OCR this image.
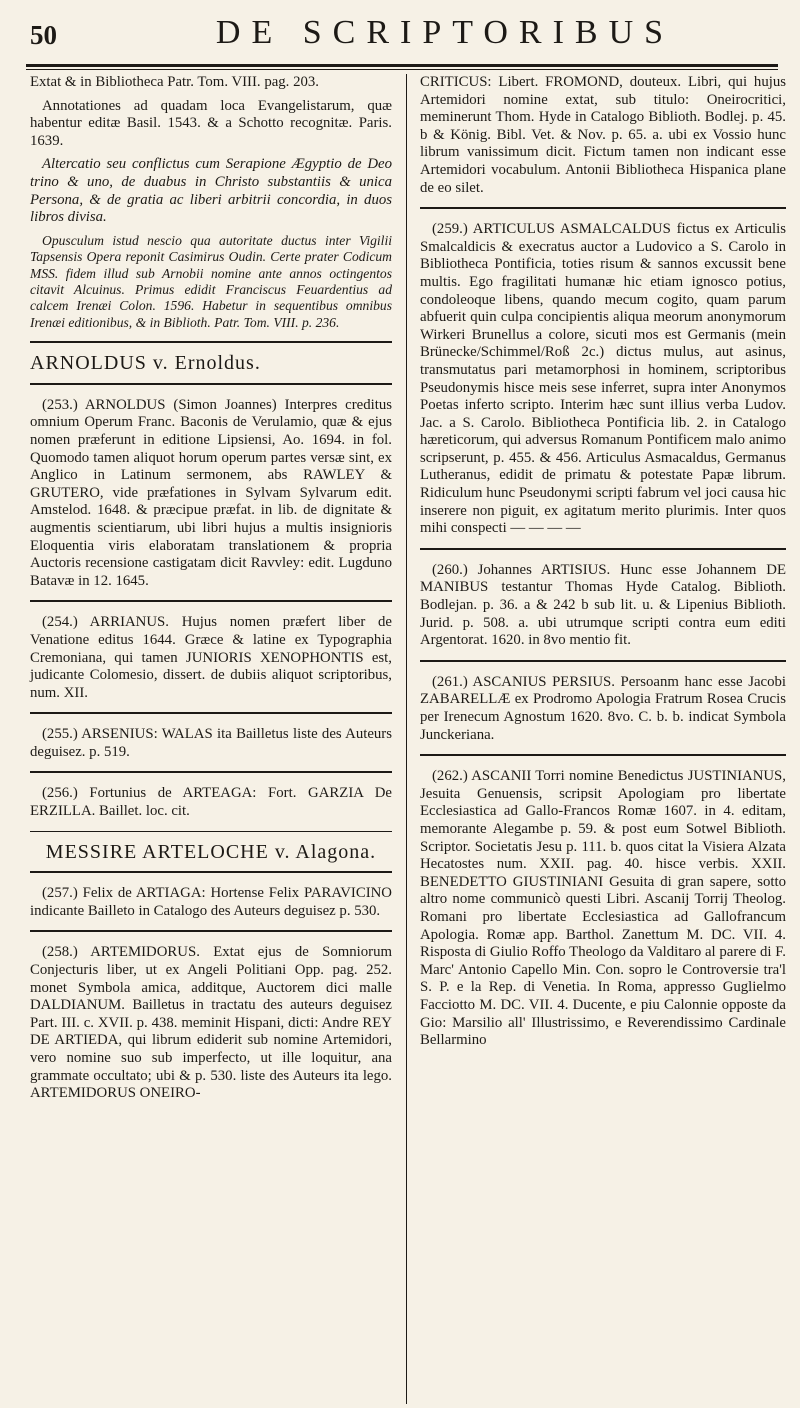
50	DE SCRIPTORIBUS

Extat & in Bibliotheca Patr. Tom. VIII. pag. 203.

Annotationes ad quadam loca Evangelistarum, quæ habentur editæ Basil. 1543. & a Schotto recognitæ. Paris. 1639.

Altercatio seu conflictus cum Serapione Ægyptio de Deo trino & uno, de duabus in Christo substantiis & unica Persona, & de gratia ac liberi arbitrii concordia, in duos libros divisa.

Opusculum istud nescio qua autoritate ductus inter Vigilii Tapsensis Opera reponit Casimirus Oudin. Certe prater Codicum MSS. fidem illud sub Arnobii nomine ante annos octingentos citavit Alcuinus. Primus edidit Franciscus Feuardentius ad calcem Irenæi Colon. 1596. Habetur in sequentibus omnibus Irenæi editionibus, & in Biblioth. Patr. Tom. VIII. p. 236.

ARNOLDUS v. Ernoldus.

(253.) ARNOLDUS (Simon Joannes) Interpres creditus omnium Operum Franc. Baconis de Verulamio, quæ & ejus nomen præferunt in editione Lipsiensi, Ao. 1694. in fol. Quomodo tamen aliquot horum operum partes versæ sint, ex Anglico in Latinum sermonem, abs RAWLEY & GRUTERO, vide præfationes in Sylvam Sylvarum edit. Amstelod. 1648. & præcipue præfat. in lib. de dignitate & augmentis scientiarum, ubi libri hujus a multis insignioris Eloquentia viris elaboratam translationem & propria Auctoris recensione castigatam dicit Ravvley: edit. Lugduno Batavæ in 12. 1645.

(254.) ARRIANUS. Hujus nomen præfert liber de Venatione editus 1644. Græce & latine ex Typographia Cremoniana, qui tamen JUNIORIS XENOPHONTIS est, judicante Colomesio, dissert. de dubiis aliquot scriptoribus, num. XII.

(255.) ARSENIUS: WALAS ita Bailletus liste des Auteurs deguisez. p. 519.

(256.) Fortunius de ARTEAGA: Fort. GARZIA De ERZILLA. Baillet. loc. cit.

MESSIRE ARTELOCHE v. Alagona.

(257.) Felix de ARTIAGA: Hortense Felix PARAVICINO indicante Bailleto in Catalogo des Auteurs deguisez p. 530.

(258.) ARTEMIDORUS. Extat ejus de Somniorum Conjecturis liber, ut ex Angeli Politiani Opp. pag. 252. monet Symbola amica, additque, Auctorem dici malle DALDIANUM. Bailletus in tractatu des auteurs deguisez Part. III. c. XVII. p. 438. meminit Hispani, dicti: Andre REY DE ARTIEDA, qui librum ediderit sub nomine Artemidori, vero nomine suo sub imperfecto, ut ille loquitur, ana grammate occultato; ubi & p. 530. liste des Auteurs ita lego. ARTEMIDORUS ONEIRO-

CRITICUS: Libert. FROMOND, douteux. Libri, qui hujus Artemidori nomine extat, sub titulo: Oneirocritici, meminerunt Thom. Hyde in Catalogo Biblioth. Bodlej. p. 45. b & König. Bibl. Vet. & Nov. p. 65. a. ubi ex Vossio hunc librum vanissimum dicit. Fictum tamen non indicant esse Artemidori vocabulum. Antonii Bibliotheca Hispanica plane de eo silet.

(259.) ARTICULUS ASMALCALDUS fictus ex Articulis Smalcaldicis & execratus auctor a Ludovico a S. Carolo in Bibliotheca Pontificia, toties risum & sannos excussit bene multis. Ego fragilitati humanæ hic etiam ignosco potius, condoleoque libens, quando mecum cogito, quam parum abfuerit quin culpa concipientis aliqua meorum anonymorum Wirkeri Brunellus a colore, sicuti mos est Germanis (mein Brünecke/Schimmel/Roß 2c.) dictus mulus, aut asinus, transmutatus pari metamorphosi in hominem, scriptoribus Pseudonymis hisce meis sese inferret, supra inter Anonymos Poetas inferto scripto. Interim hæc sunt illius verba Ludov. Jac. a S. Carolo. Bibliotheca Pontificia lib. 2. in Catalogo hæreticorum, qui adversus Romanum Pontificem malo animo scripserunt, p. 455. & 456. Articulus Asmacaldus, Germanus Lutheranus, edidit de primatu & potestate Papæ librum. Ridiculum hunc Pseudonymi scripti fabrum vel joci causa hic inserere non piguit, ex agitatum merito plurimis. Inter quos mihi conspecti — — — —

(260.) Johannes ARTISIUS. Hunc esse Johannem DE MANIBUS testantur Thomas Hyde Catalog. Biblioth. Bodlejan. p. 36. a & 242 b sub lit. u. & Lipenius Biblioth. Jurid. p. 508. a. ubi utrumque scripti contra eum editi Argentorat. 1620. in 8vo mentio fit.

(261.) ASCANIUS PERSIUS. Persoanm hanc esse Jacobi ZABARELLÆ ex Prodromo Apologia Fratrum Rosea Crucis per Irenecum Agnostum 1620. 8vo. C. b. b. indicat Symbola Junckeriana.

(262.) ASCANII Torri nomine Benedictus JUSTINIANUS, Jesuita Genuensis, scripsit Apologiam pro libertate Ecclesiastica ad Gallo-Francos Romæ 1607. in 4. editam, memorante Alegambe p. 59. & post eum Sotwel Biblioth. Scriptor. Societatis Jesu p. 111. b. quos citat la Visiera Alzata Hecatostes num. XXII. pag. 40. hisce verbis. XXII. BENEDETTO GIUSTINIANI Gesuita di gran sapere, sotto altro nome communicò questi Libri. Ascanij Torrij Theolog. Romani pro libertate Ecclesiastica ad Gallofrancum Apologia. Romæ app. Barthol. Zanettum M. DC. VII. 4. Risposta di Giulio Roffo Theologo da Valditaro al parere di F. Marc' Antonio Capello Min. Con. sopro le Controversie tra'l S. P. e la Rep. di Venetia. In Roma, appresso Guglielmo Facciotto M. DC. VII. 4. Ducente, e piu Calonnie opposte da Gio: Marsilio all' Illustrissimo, e Reverendissimo Cardinale Bellarmino
